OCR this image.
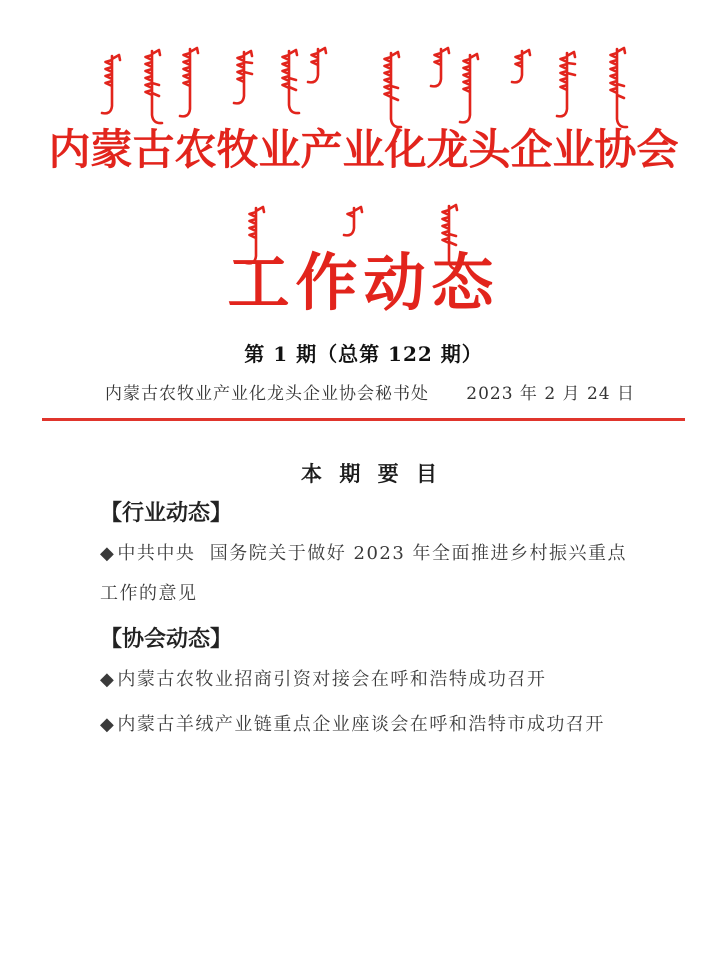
内蒙古农牧业产业化龙头企业协会
工作动态
第 1 期（总第 122 期）
内蒙古农牧业产业化龙头企业协会秘书处 2023 年 2 月 24 日
本 期 要 目
【行业动态】
◆ 中共中央  国务院关于做好 2023 年全面推进乡村振兴重点工作的意见
【协会动态】
◆ 内蒙古农牧业招商引资对接会在呼和浩特成功召开
◆ 内蒙古羊绒产业链重点企业座谈会在呼和浩特市成功召开
